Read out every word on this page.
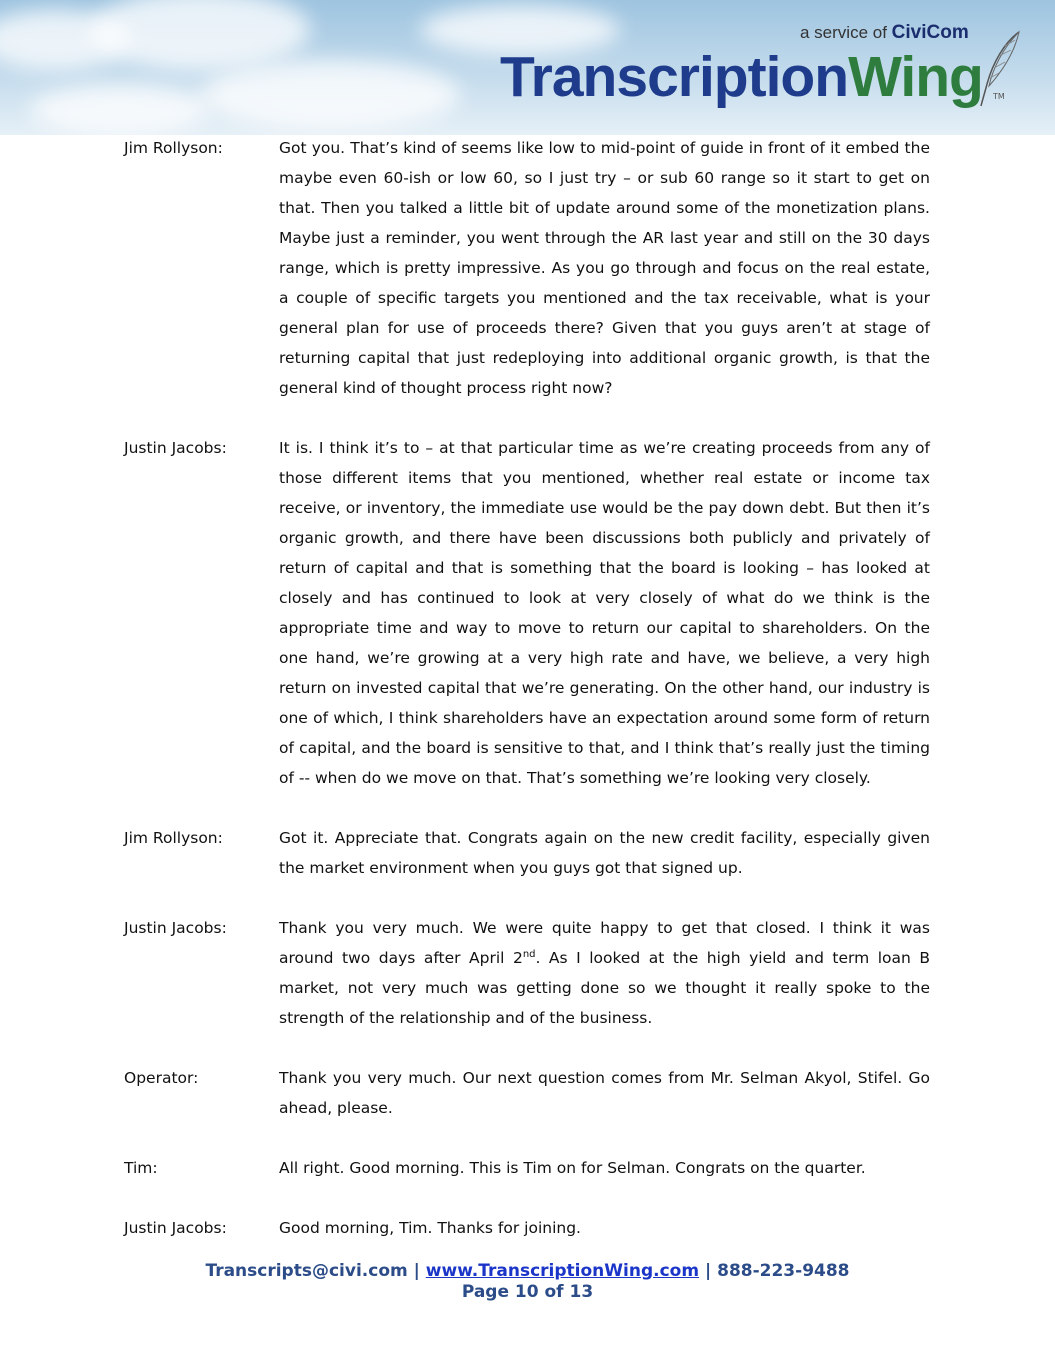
a service of CiviCom
TranscriptionWing TM
Jim Rollyson:	Got you. That’s kind of seems like low to mid-point of guide in front of it embed the maybe even 60-ish or low 60, so I just try – or sub 60 range so it start to get on that. Then you talked a little bit of update around some of the monetization plans. Maybe just a reminder, you went through the AR last year and still on the 30 days range, which is pretty impressive. As you go through and focus on the real estate, a couple of specific targets you mentioned and the tax receivable, what is your general plan for use of proceeds there? Given that you guys aren’t at stage of returning capital that just redeploying into additional organic growth, is that the general kind of thought process right now?
Justin Jacobs:	It is. I think it’s to – at that particular time as we’re creating proceeds from any of those different items that you mentioned, whether real estate or income tax receive, or inventory, the immediate use would be the pay down debt. But then it’s organic growth, and there have been discussions both publicly and privately of return of capital and that is something that the board is looking – has looked at closely and has continued to look at very closely of what do we think is the appropriate time and way to move to return our capital to shareholders. On the one hand, we’re growing at a very high rate and have, we believe, a very high return on invested capital that we’re generating. On the other hand, our industry is one of which, I think shareholders have an expectation around some form of return of capital, and the board is sensitive to that, and I think that’s really just the timing of -- when do we move on that. That’s something we’re looking very closely.
Jim Rollyson:	Got it. Appreciate that. Congrats again on the new credit facility, especially given the market environment when you guys got that signed up.
Justin Jacobs:	Thank you very much. We were quite happy to get that closed. I think it was around two days after April 2nd. As I looked at the high yield and term loan B market, not very much was getting done so we thought it really spoke to the strength of the relationship and of the business.
Operator:	Thank you very much. Our next question comes from Mr. Selman Akyol, Stifel. Go ahead, please.
Tim:	All right. Good morning. This is Tim on for Selman. Congrats on the quarter.
Justin Jacobs:	Good morning, Tim. Thanks for joining.
Transcripts@civi.com | www.TranscriptionWing.com | 888-223-9488
Page 10 of 13
